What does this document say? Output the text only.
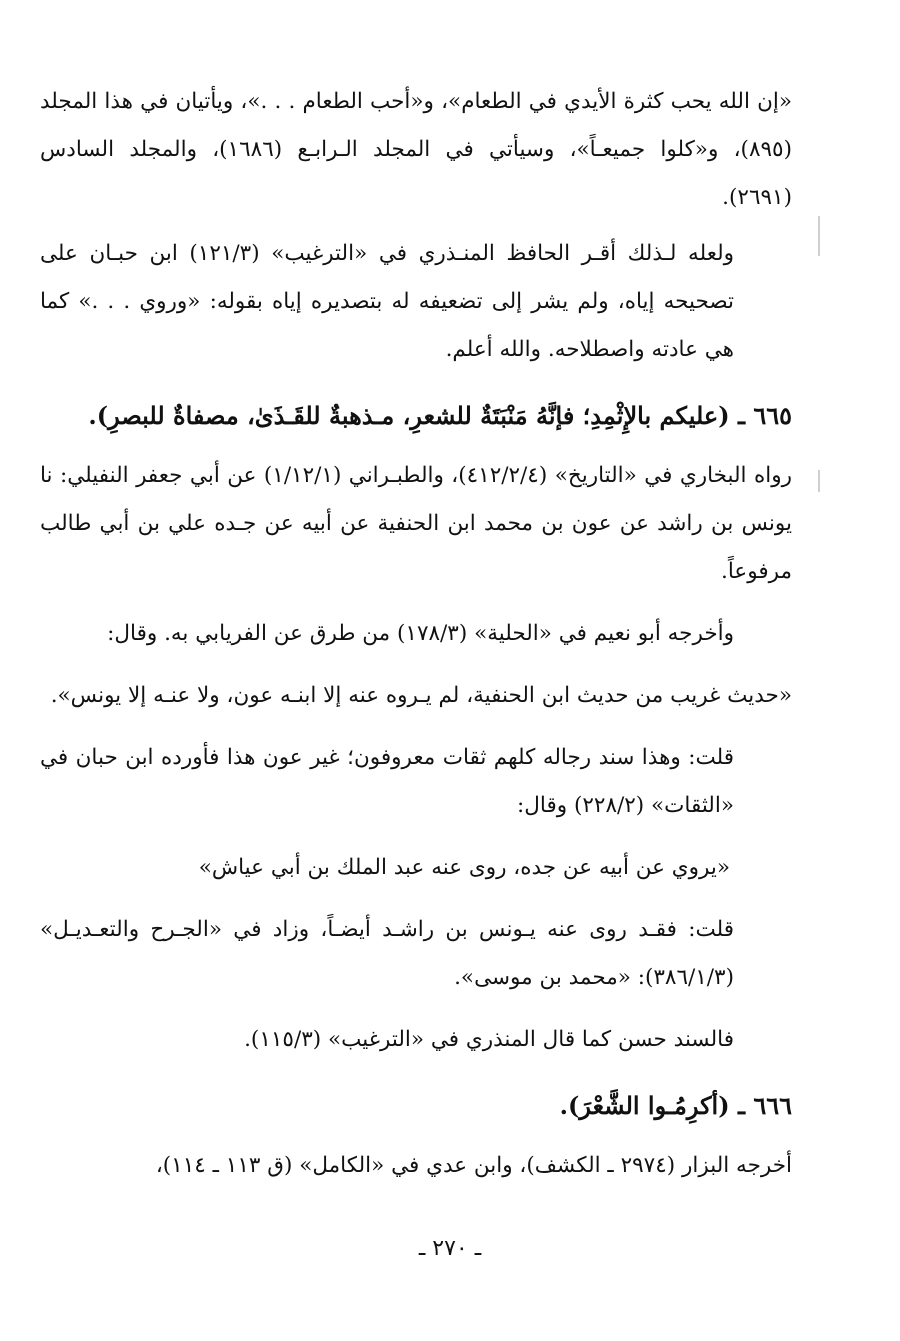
«إن الله يحب كثرة الأيدي في الطعام»، و«أحب الطعام . . .»، ويأتيان في هذا المجلد (٨٩٥)، و«كلوا جميعـاً»، وسيأتي في المجلد الـرابـع (١٦٨٦)، والمجلد السادس (٢٦٩١).

ولعله لـذلك أقـر الحافظ المنـذري في «الترغيب» (١٢١/٣) ابن حبـان على تصحيحه إياه، ولم يشر إلى تضعيفه له بتصديره إياه بقوله: «وروي . . .» كما هي عادته واصطلاحه. والله أعلم.

٦٦٥ ـ (عليكم بالإِثْمِدِ؛ فإنَّهُ مَنْبَتَةٌ للشعرِ، مـذهبةٌ للقَـذَىٰ، مصفاةٌ للبصرِ).

رواه البخاري في «التاريخ» (٤١٢/٢/٤)، والطبـراني (١/١٢/١) عن أبي جعفر النفيلي: نا يونس بن راشد عن عون بن محمد ابن الحنفية عن أبيه عن جـده علي بن أبي طالب مرفوعاً.

وأخرجه أبو نعيم في «الحلية» (١٧٨/٣) من طرق عن الفريابي به. وقال:

«حديث غريب من حديث ابن الحنفية، لم يـروه عنه إلا ابنـه عون، ولا عنـه إلا يونس».

قلت: وهذا سند رجاله كلهم ثقات معروفون؛ غير عون هذا فأورده ابن حبان في «الثقات» (٢٢٨/٢) وقال:

«يروي عن أبيه عن جده، روى عنه عبد الملك بن أبي عياش»

قلت: فقـد روى عنه يـونس بن راشـد أيضـاً، وزاد في «الجـرح والتعـديـل» (٣٨٦/١/٣): «محمد بن موسى».

فالسند حسن كما قال المنذري في «الترغيب» (١١٥/٣).

٦٦٦ ـ (أكرِمُـوا الشَّعْرَ).

أخرجه البزار (٢٩٧٤ ـ الكشف)، وابن عدي في «الكامل» (ق ١١٣ ـ ١١٤)،

ـ ٢٧٠ ـ
